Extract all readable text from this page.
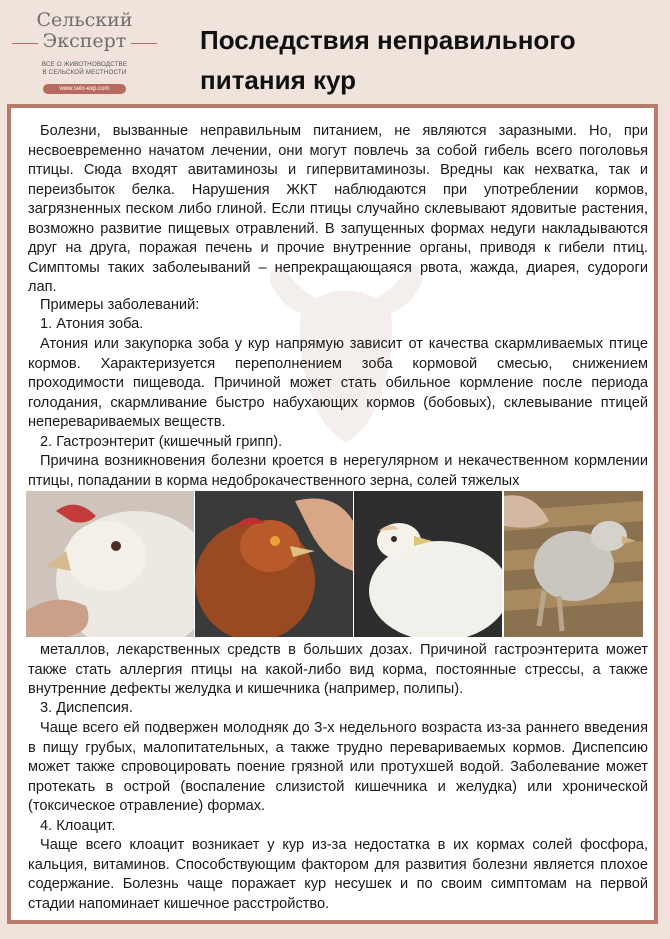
Сельский
Эксперт
ВСЕ О ЖИВОТНОВОДСТВЕ
В СЕЛЬСКОЙ МЕСТНОСТИ
www.selo-exp.com
Последствия неправильного
питания кур
Болезни, вызванные неправильным питанием, не являются заразными. Но, при несвоевременно начатом лечении, они могут повлечь за собой гибель всего поголовья птицы. Сюда входят авитаминозы и гипервитаминозы. Вредны как нехватка, так и переизбыток белка. Нарушения ЖКТ наблюдаются при употреблении кормов, загрязненных песком либо глиной. Если птицы случайно склевывают ядовитые растения, возможно развитие пищевых отравлений. В запущенных формах недуги накладываются друг на друга, поражая печень и прочие внутренние органы, приводя к гибели птиц. Симптомы таких заболеываний – непрекращающаяся рвота, жажда, диарея, судороги лап.
Примеры заболеваний:
1. Атония зоба.
Атония или закупорка зоба у кур напрямую зависит от качества скармливаемых птице кормов. Характеризуется переполнением зоба кормовой смесью, снижением проходимости пищевода. Причиной может стать обильное кормление после периода голодания, скармливание быстро набухающих кормов (бобовых), склевывание птицей неперевариваемых веществ.
2. Гастроэнтерит (кишечный грипп).
Причина возникновения болезни кроется в нерегулярном и некачественном кормлении птицы, попадании в корма недоброкачественного зерна, солей тяжелых
металлов, лекарственных средств в больших дозах. Причиной гастроэнтерита может также стать аллергия птицы на какой-либо вид корма, постоянные стрессы, а также внутренние дефекты желудка и кишечника (например, полипы).
3. Диспепсия.
Чаще всего ей подвержен молодняк до 3-х недельного возраста из-за раннего введения в пищу грубых, малопитательных, а также трудно перевариваемых кормов. Диспепсию может также спровоцировать поение грязной или протухшей водой. Заболевание может протекать в острой (воспаление слизистой кишечника и желудка) или хронической (токсическое отравление) формах.
4. Клоацит.
Чаще всего клоацит возникает у кур из-за недостатка в их кормах солей фосфора, кальция, витаминов. Способствующим фактором для развития болезни является плохое содержание. Болезнь чаще поражает кур несушек и по своим симптомам на первой стадии напоминает кишечное расстройство.
